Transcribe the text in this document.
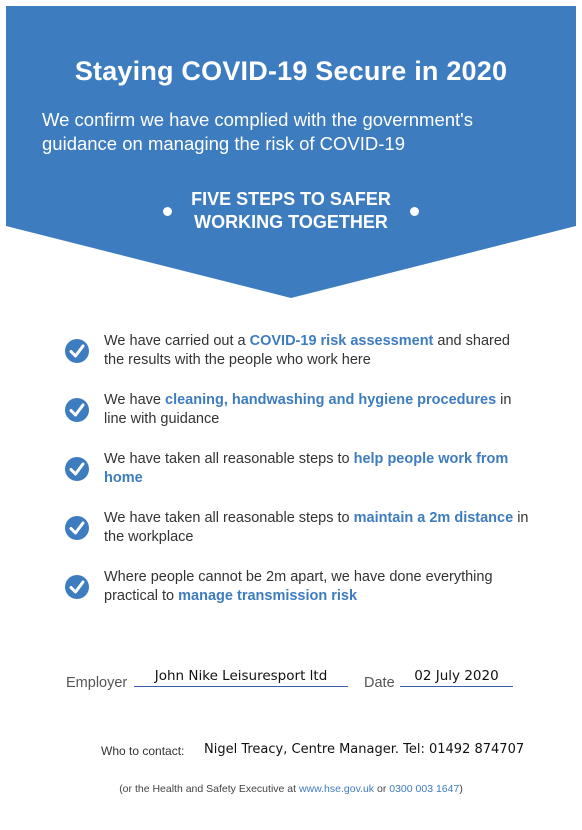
Staying COVID-19 Secure in 2020
We confirm we have complied with the government's guidance on managing the risk of COVID-19
FIVE STEPS TO SAFER
WORKING TOGETHER
We have carried out a COVID-19 risk assessment and shared the results with the people who work here
We have cleaning, handwashing and hygiene procedures in line with guidance
We have taken all reasonable steps to help people work from home
We have taken all reasonable steps to maintain a 2m distance in the workplace
Where people cannot be 2m apart, we have done everything practical to manage transmission risk
Employer	John Nike Leisuresport ltd	Date	02 July 2020
Who to contact: Nigel Treacy, Centre Manager. Tel: 01492 874707
(or the Health and Safety Executive at www.hse.gov.uk or 0300 003 1647)
